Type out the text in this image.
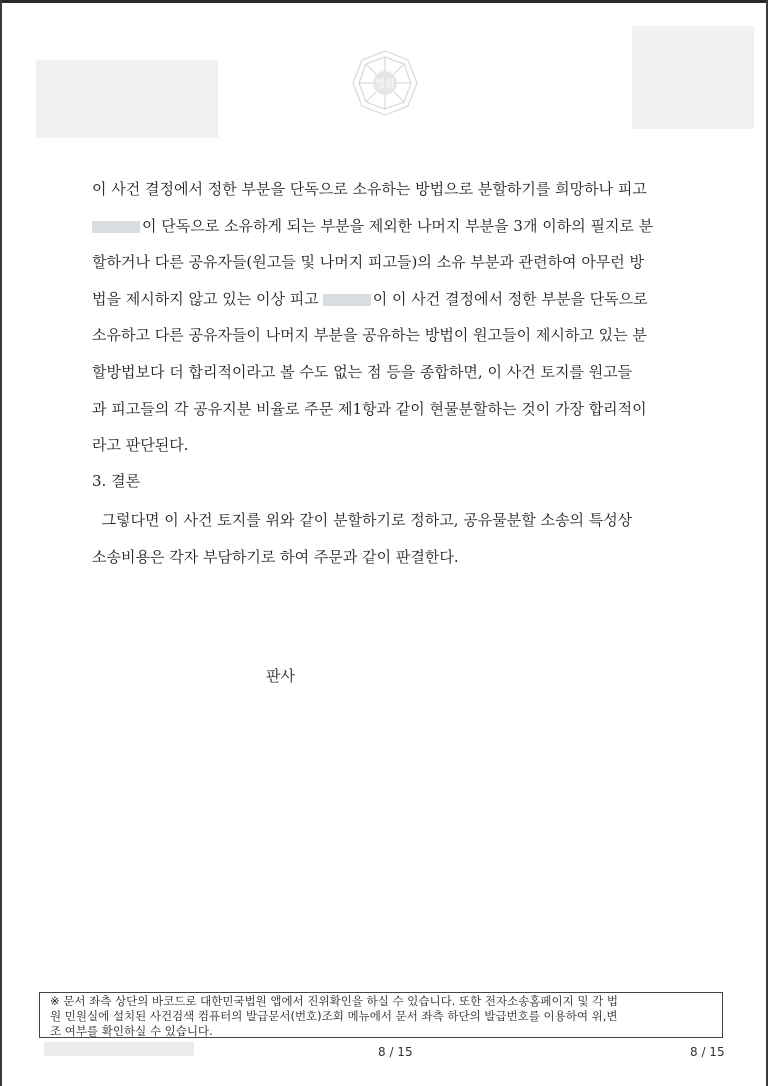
법원
이 사건 결정에서 정한 부분을 단독으로 소유하는 방법으로 분할하기를 희망하나 피고
이 단독으로 소유하게 되는 부분을 제외한 나머지 부분을 3개 이하의 필지로 분
할하거나 다른 공유자들(원고들 및 나머지 피고들)의 소유 부분과 관련하여 아무런 방
법을 제시하지 않고 있는 이상 피고	이 이 사건 결정에서 정한 부분을 단독으로
소유하고 다른 공유자들이 나머지 부분을 공유하는 방법이 원고들이 제시하고 있는 분
할방법보다 더 합리적이라고 볼 수도 없는 점 등을 종합하면, 이 사건 토지를 원고들
과 피고들의 각 공유지분 비율로 주문 제1항과 같이 현물분할하는 것이 가장 합리적이
라고 판단된다.
3. 결론
그렇다면 이 사건 토지를 위와 같이 분할하기로 정하고, 공유물분할 소송의 특성상
소송비용은 각자 부담하기로 하여 주문과 같이 판결한다.
판사
※ 문서 좌측 상단의 바코드로 대한민국법원 앱에서 진위확인을 하실 수 있습니다. 또한 전자소송홈페이지 및 각 법
원 민원실에 설치된 사건검색 컴퓨터의 발급문서(번호)조회 메뉴에서 문서 좌측 하단의 발급번호를 이용하여 위,변
조 여부를 확인하실 수 있습니다.
8 / 15	8 / 15
